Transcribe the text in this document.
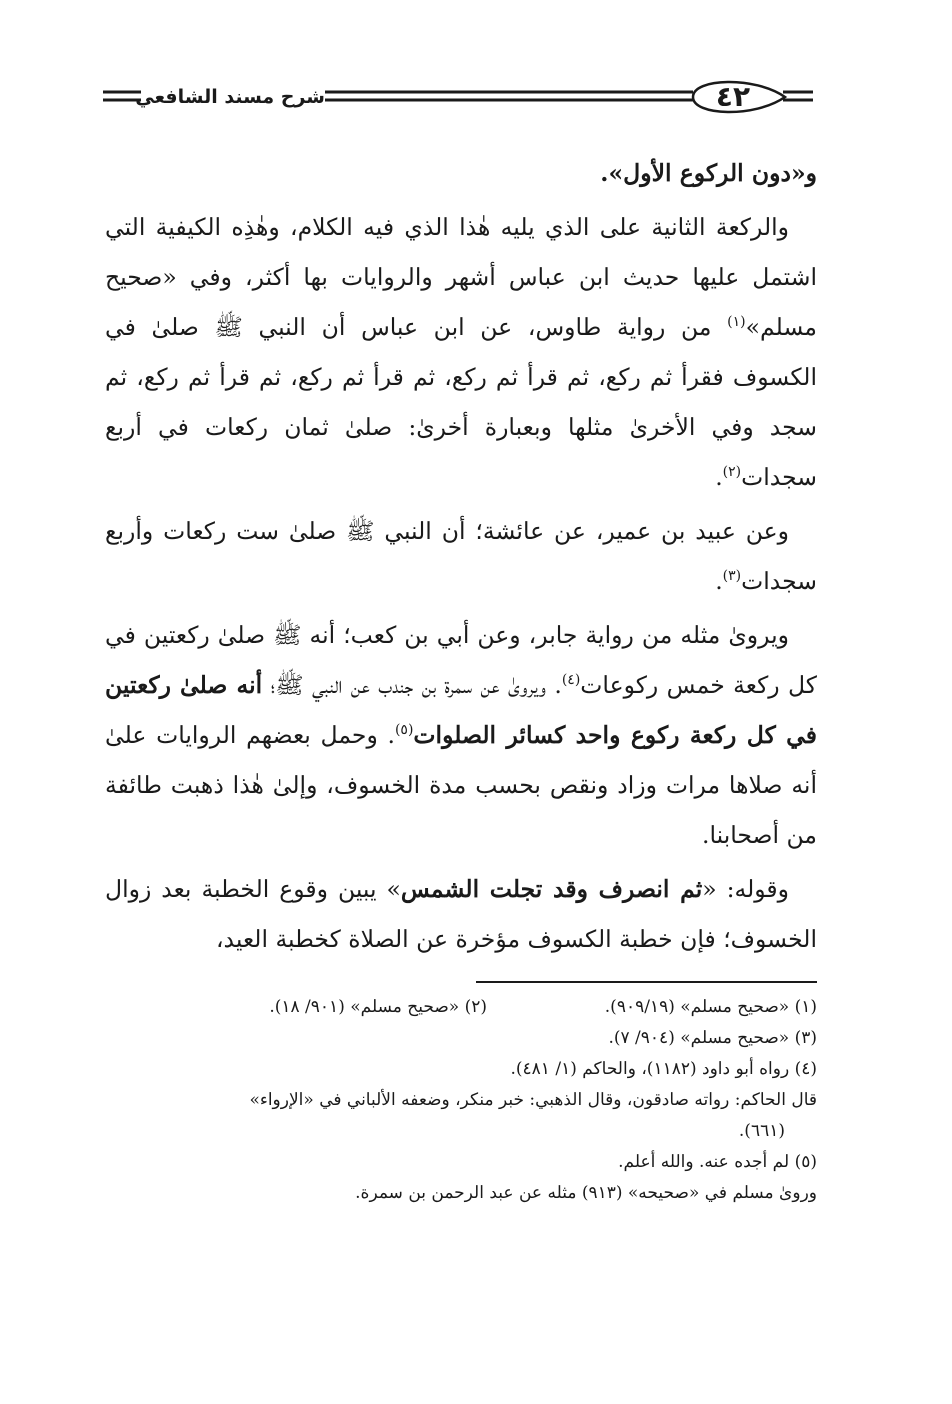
٤٢
شرح مسند الشافعي

و«دون الركوع الأول».

والركعة الثانية على الذي يليه هٰذا الذي فيه الكلام، وهٰذِه الكيفية التي اشتمل عليها حديث ابن عباس أشهر والروايات بها أكثر، وفي «صحيح مسلم»$^{(١)}$ من رواية طاوس، عن ابن عباس أن النبي ﷺ صلىٰ في الكسوف فقرأ ثم ركع، ثم قرأ ثم ركع، ثم قرأ ثم ركع، ثم قرأ ثم ركع، ثم سجد وفي الأخرىٰ مثلها وبعبارة أخرىٰ: صلىٰ ثمان ركعات في أربع سجدات$^{(٢)}$.

وعن عبيد بن عمير، عن عائشة؛ أن النبي ﷺ صلىٰ ست ركعات وأربع سجدات$^{(٣)}$.

ويروىٰ مثله من رواية جابر، وعن أبي بن كعب؛ أنه ﷺ صلىٰ ركعتين في كل ركعة خمس ركوعات$^{(٤)}$. ويروىٰ عن سمرة بن جندب عن النبي ﷺ؛ أنه صلىٰ ركعتين في كل ركعة ركوع واحد كسائر الصلوات$^{(٥)}$. وحمل بعضهم الروايات علىٰ أنه صلاها مرات وزاد ونقص بحسب مدة الخسوف، وإلىٰ هٰذا ذهبت طائفة من أصحابنا.

وقوله: «ثم انصرف وقد تجلت الشمس» يبين وقوع الخطبة بعد زوال الخسوف؛ فإن خطبة الكسوف مؤخرة عن الصلاة كخطبة العيد،

(١) «صحيح مسلم» (٩٠٩/١٩).
(٢) «صحيح مسلم» (٩٠١/ ١٨).

(٣) «صحيح مسلم» (٩٠٤/ ٧).

(٤) رواه أبو داود (١١٨٢)، والحاكم (١/ ٤٨١).

قال الحاكم: رواته صادقون، وقال الذهبي: خبر منكر، وضعفه الألباني في «الإرواء»

(٦٦١).

(٥) لم أجده عنه. والله أعلم.

ورویٰ مسلم في «صحيحه» (٩١٣) مثله عن عبد الرحمن بن سمرة.
